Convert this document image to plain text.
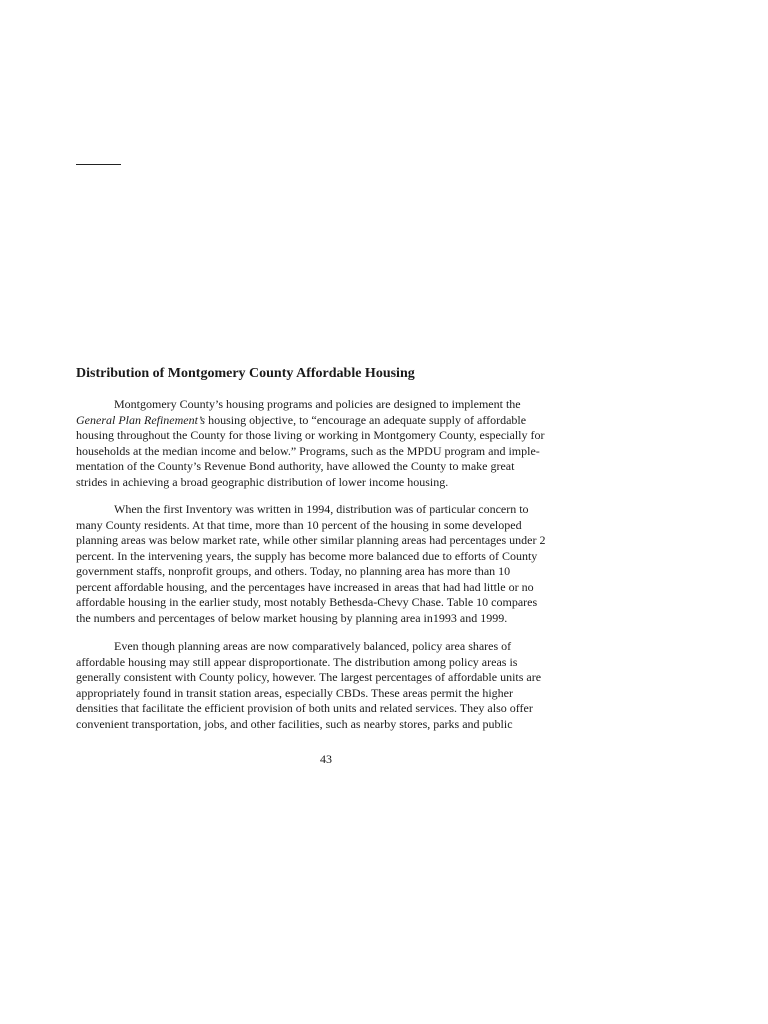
Distribution of Montgomery County Affordable Housing
Montgomery County’s housing programs and policies are designed to implement the
General Plan Refinement’s housing objective, to “encourage an adequate supply of affordable
housing throughout the County for those living or working in Montgomery County, especially for
households at the median income and below.” Programs, such as the MPDU program and imple-
mentation of the County’s Revenue Bond authority, have allowed the County to make great
strides in achieving a broad geographic distribution of lower income housing.
When the first Inventory was written in 1994, distribution was of particular concern to
many County residents. At that time, more than 10 percent of the housing in some developed
planning areas was below market rate, while other similar planning areas had percentages under 2
percent. In the intervening years, the supply has become more balanced due to efforts of County
government staffs, nonprofit groups, and others. Today, no planning area has more than 10
percent affordable housing, and the percentages have increased in areas that had had little or no
affordable housing in the earlier study, most notably Bethesda-Chevy Chase. Table 10 compares
the numbers and percentages of below market housing by planning area in1993 and 1999.
Even though planning areas are now comparatively balanced, policy area shares of
affordable housing may still appear disproportionate. The distribution among policy areas is
generally consistent with County policy, however. The largest percentages of affordable units are
appropriately found in transit station areas, especially CBDs. These areas permit the higher
densities that facilitate the efficient provision of both units and related services. They also offer
convenient transportation, jobs, and other facilities, such as nearby stores, parks and public
43
